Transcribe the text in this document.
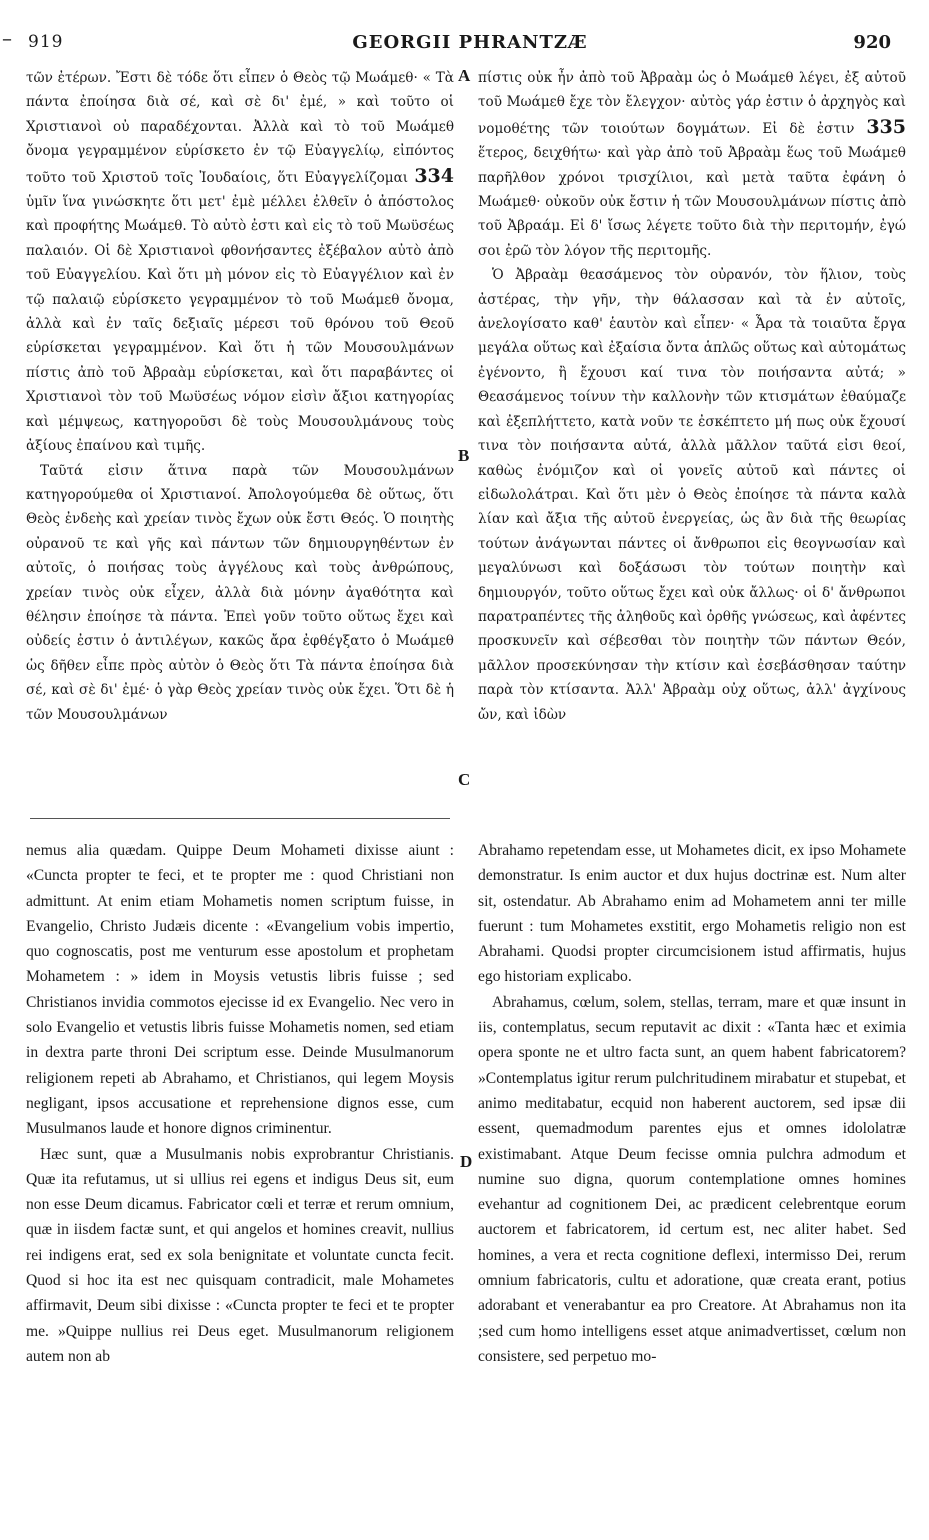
– 919	GEORGII PHRANTZÆ	920

τῶν ἐτέρων. Ἔστι δὲ τόδε ὅτι εἶπεν ὁ Θεὸς τῷ Μωάμεθ· « Τὰ πάντα ἐποίησα διὰ σέ, καὶ σὲ δι' ἐμέ, » καὶ τοῦτο οἱ Χριστιανοὶ οὐ παραδέχονται. Ἀλλὰ καὶ τὸ τοῦ Μωάμεθ ὄνομα γεγραμμένον εὑρίσκετο ἐν τῷ Εὐαγγελίῳ, εἰπόντος τοῦτο τοῦ Χριστοῦ τοῖς Ἰουδαίοις, ὅτι Εὐαγγελίζομαι 334 ὑμῖν ἵνα γινώσκητε ὅτι μετ' ἐμὲ μέλλει ἐλθεῖν ὁ ἀπόστολος καὶ προφήτης Μωάμεθ. Τὸ αὐτὸ ἐστι καὶ εἰς τὸ τοῦ Μωϋσέως παλαιόν. Οἱ δὲ Χριστιανοὶ φθονήσαντες ἐξέβαλον αὐτὸ ἀπὸ τοῦ Εὐαγγελίου. Καὶ ὅτι μὴ μόνον εἰς τὸ Εὐαγγέλιον καὶ ἐν τῷ παλαιῷ εὑρίσκετο γεγραμμένον τὸ τοῦ Μωάμεθ ὄνομα, ἀλλὰ καὶ ἐν ταῖς δεξιαῖς μέρεσι τοῦ θρόνου τοῦ Θεοῦ εὑρίσκεται γεγραμμένον. Καὶ ὅτι ἡ τῶν Μουσουλμάνων πίστις ἀπὸ τοῦ Ἀβραὰμ εὑρίσκεται, καὶ ὅτι παραβάντες οἱ Χριστιανοὶ τὸν τοῦ Μωϋσέως νόμον εἰσὶν ἄξιοι κατηγορίας καὶ μέμψεως, κατηγοροῦσι δὲ τοὺς Μουσουλμάνους τοὺς ἀξίους ἐπαίνου καὶ τιμῆς.

Ταῦτά εἰσιν ἅτινα παρὰ τῶν Μουσουλμάνων κατηγορούμεθα οἱ Χριστιανοί. Ἀπολογούμεθα δὲ οὕτως, ὅτι Θεὸς ἐνδεὴς καὶ χρείαν τινὸς ἔχων οὐκ ἔστι Θεός. Ὁ ποιητὴς οὐρανοῦ τε καὶ γῆς καὶ πάντων τῶν δημιουργηθέντων ἐν αὐτοῖς, ὁ ποιήσας τοὺς ἀγγέλους καὶ τοὺς ἀνθρώπους, χρείαν τινὸς οὐκ εἶχεν, ἀλλὰ διὰ μόνην ἀγαθότητα καὶ θέλησιν ἐποίησε τὰ πάντα. Ἐπεὶ γοῦν τοῦτο οὕτως ἔχει καὶ οὐδείς ἐστιν ὁ ἀντιλέγων, κακῶς ἄρα ἐφθέγξατο ὁ Μωάμεθ ὡς δῆθεν εἶπε πρὸς αὐτὸν ὁ Θεὸς ὅτι Τὰ πάντα ἐποίησα διὰ σέ, καὶ σὲ δι' ἐμέ· ὁ γὰρ Θεὸς χρείαν τινὸς οὐκ ἔχει. Ὅτι δὲ ἡ τῶν Μουσουλμάνων

A
B
C
D

πίστις οὐκ ἦν ἀπὸ τοῦ Ἀβραὰμ ὡς ὁ Μωάμεθ λέγει, ἐξ αὐτοῦ τοῦ Μωάμεθ ἔχε τὸν ἔλεγχον· αὐτὸς γάρ ἐστιν ὁ ἀρχηγὸς καὶ νομοθέτης τῶν τοιούτων δογμάτων. Εἰ δὲ ἐστιν 335 ἕτερος, δειχθήτω· καὶ γὰρ ἀπὸ τοῦ Ἀβραὰμ ἕως τοῦ Μωάμεθ παρῆλθον χρόνοι τρισχίλιοι, καὶ μετὰ ταῦτα ἐφάνη ὁ Μωάμεθ· οὐκοῦν οὐκ ἔστιν ἡ τῶν Μουσουλμάνων πίστις ἀπὸ τοῦ Ἀβραάμ. Εἰ δ' ἴσως λέγετε τοῦτο διὰ τὴν περιτομήν, ἐγώ σοι ἐρῶ τὸν λόγον τῆς περιτομῆς.

Ὁ Ἀβραὰμ θεασάμενος τὸν οὐρανόν, τὸν ἥλιον, τοὺς ἀστέρας, τὴν γῆν, τὴν θάλασσαν καὶ τὰ ἐν αὐτοῖς, ἀνελογίσατο καθ' ἑαυτὸν καὶ εἶπεν· « Ἆρα τὰ τοιαῦτα ἔργα μεγάλα οὕτως καὶ ἐξαίσια ὄντα ἁπλῶς οὕτως καὶ αὐτομάτως ἐγένοντο, ἢ ἔχουσι καί τινα τὸν ποιήσαντα αὐτά; » Θεασάμενος τοίνυν τὴν καλλονὴν τῶν κτισμάτων ἐθαύμαζε καὶ ἐξεπλήττετο, κατὰ νοῦν τε ἐσκέπτετο μή πως οὐκ ἔχουσί τινα τὸν ποιήσαντα αὐτά, ἀλλὰ μᾶλλον ταῦτά εἰσι θεοί, καθὼς ἐνόμιζον καὶ οἱ γονεῖς αὐτοῦ καὶ πάντες οἱ εἰδωλολάτραι. Καὶ ὅτι μὲν ὁ Θεὸς ἐποίησε τὰ πάντα καλὰ λίαν καὶ ἄξια τῆς αὐτοῦ ἐνεργείας, ὡς ἂν διὰ τῆς θεωρίας τούτων ἀνάγωνται πάντες οἱ ἄνθρωποι εἰς θεογνωσίαν καὶ μεγαλύνωσι καὶ δοξάσωσι τὸν τούτων ποιητὴν καὶ δημιουργόν, τοῦτο οὕτως ἔχει καὶ οὐκ ἄλλως· οἱ δ' ἄνθρωποι παρατραπέντες τῆς ἀληθοῦς καὶ ὀρθῆς γνώσεως, καὶ ἀφέντες προσκυνεῖν καὶ σέβεσθαι τὸν ποιητὴν τῶν πάντων Θεόν, μᾶλλον προσεκύνησαν τὴν κτίσιν καὶ ἐσεβάσθησαν ταύτην παρὰ τὸν κτίσαντα. Ἀλλ' Ἀβραὰμ οὐχ οὕτως, ἀλλ' ἀγχίνους ὤν, καὶ ἰδὼν

nemus alia quædam. Quippe Deum Mohameti dixisse aiunt : «Cuncta propter te feci, et te propter me : quod Christiani non admittunt. At enim etiam Mohametis nomen scriptum fuisse, in Evangelio, Christo Judæis dicente : «Evangelium vobis impertio, quo cognoscatis, post me venturum esse apostolum et prophetam Mohametem : » idem in Moysis vetustis libris fuisse ; sed Christianos invidia commotos ejecisse id ex Evangelio. Nec vero in solo Evangelio et vetustis libris fuisse Mohametis nomen, sed etiam in dextra parte throni Dei scriptum esse. Deinde Musulmanorum religionem repeti ab Abrahamo, et Christianos, qui legem Moysis negligant, ipsos accusatione et reprehensione dignos esse, cum Musulmanos laude et honore dignos criminentur.

Hæc sunt, quæ a Musulmanis nobis exprobrantur Christianis. Quæ ita refutamus, ut si ullius rei egens et indigus Deus sit, eum non esse Deum dicamus. Fabricator cœli et terræ et rerum omnium, quæ in iisdem factæ sunt, et qui angelos et homines creavit, nullius rei indigens erat, sed ex sola benignitate et voluntate cuncta fecit. Quod si hoc ita est nec quisquam contradicit, male Mohametes affirmavit, Deum sibi dixisse : «Cuncta propter te feci et te propter me. »Quippe nullius rei Deus eget. Musulmanorum religionem autem non ab

Abrahamo repetendam esse, ut Mohametes dicit, ex ipso Mohamete demonstratur. Is enim auctor et dux hujus doctrinæ est. Num alter sit, ostendatur. Ab Abrahamo enim ad Mohametem anni ter mille fuerunt : tum Mohametes exstitit, ergo Mohametis religio non est Abrahami. Quodsi propter circumcisionem istud affirmatis, hujus ego historiam explicabo.

Abrahamus, cœlum, solem, stellas, terram, mare et quæ insunt in iis, contemplatus, secum reputavit ac dixit : «Tanta hæc et eximia opera sponte ne et ultro facta sunt, an quem habent fabricatorem? »Contemplatus igitur rerum pulchritudinem mirabatur et stupebat, et animo meditabatur, ecquid non haberent auctorem, sed ipsæ dii essent, quemadmodum parentes ejus et omnes idololatræ existimabant. Atque Deum fecisse omnia pulchra admodum et numine suo digna, quorum contemplatione omnes homines evehantur ad cognitionem Dei, ac prædicent celebrentque eorum auctorem et fabricatorem, id certum est, nec aliter habet. Sed homines, a vera et recta cognitione deflexi, intermisso Dei, rerum omnium fabricatoris, cultu et adoratione, quæ creata erant, potius adorabant et venerabantur ea pro Creatore. At Abrahamus non ita ;sed cum homo intelligens esset atque animadvertisset, cœlum non consistere, sed perpetuo mo-
